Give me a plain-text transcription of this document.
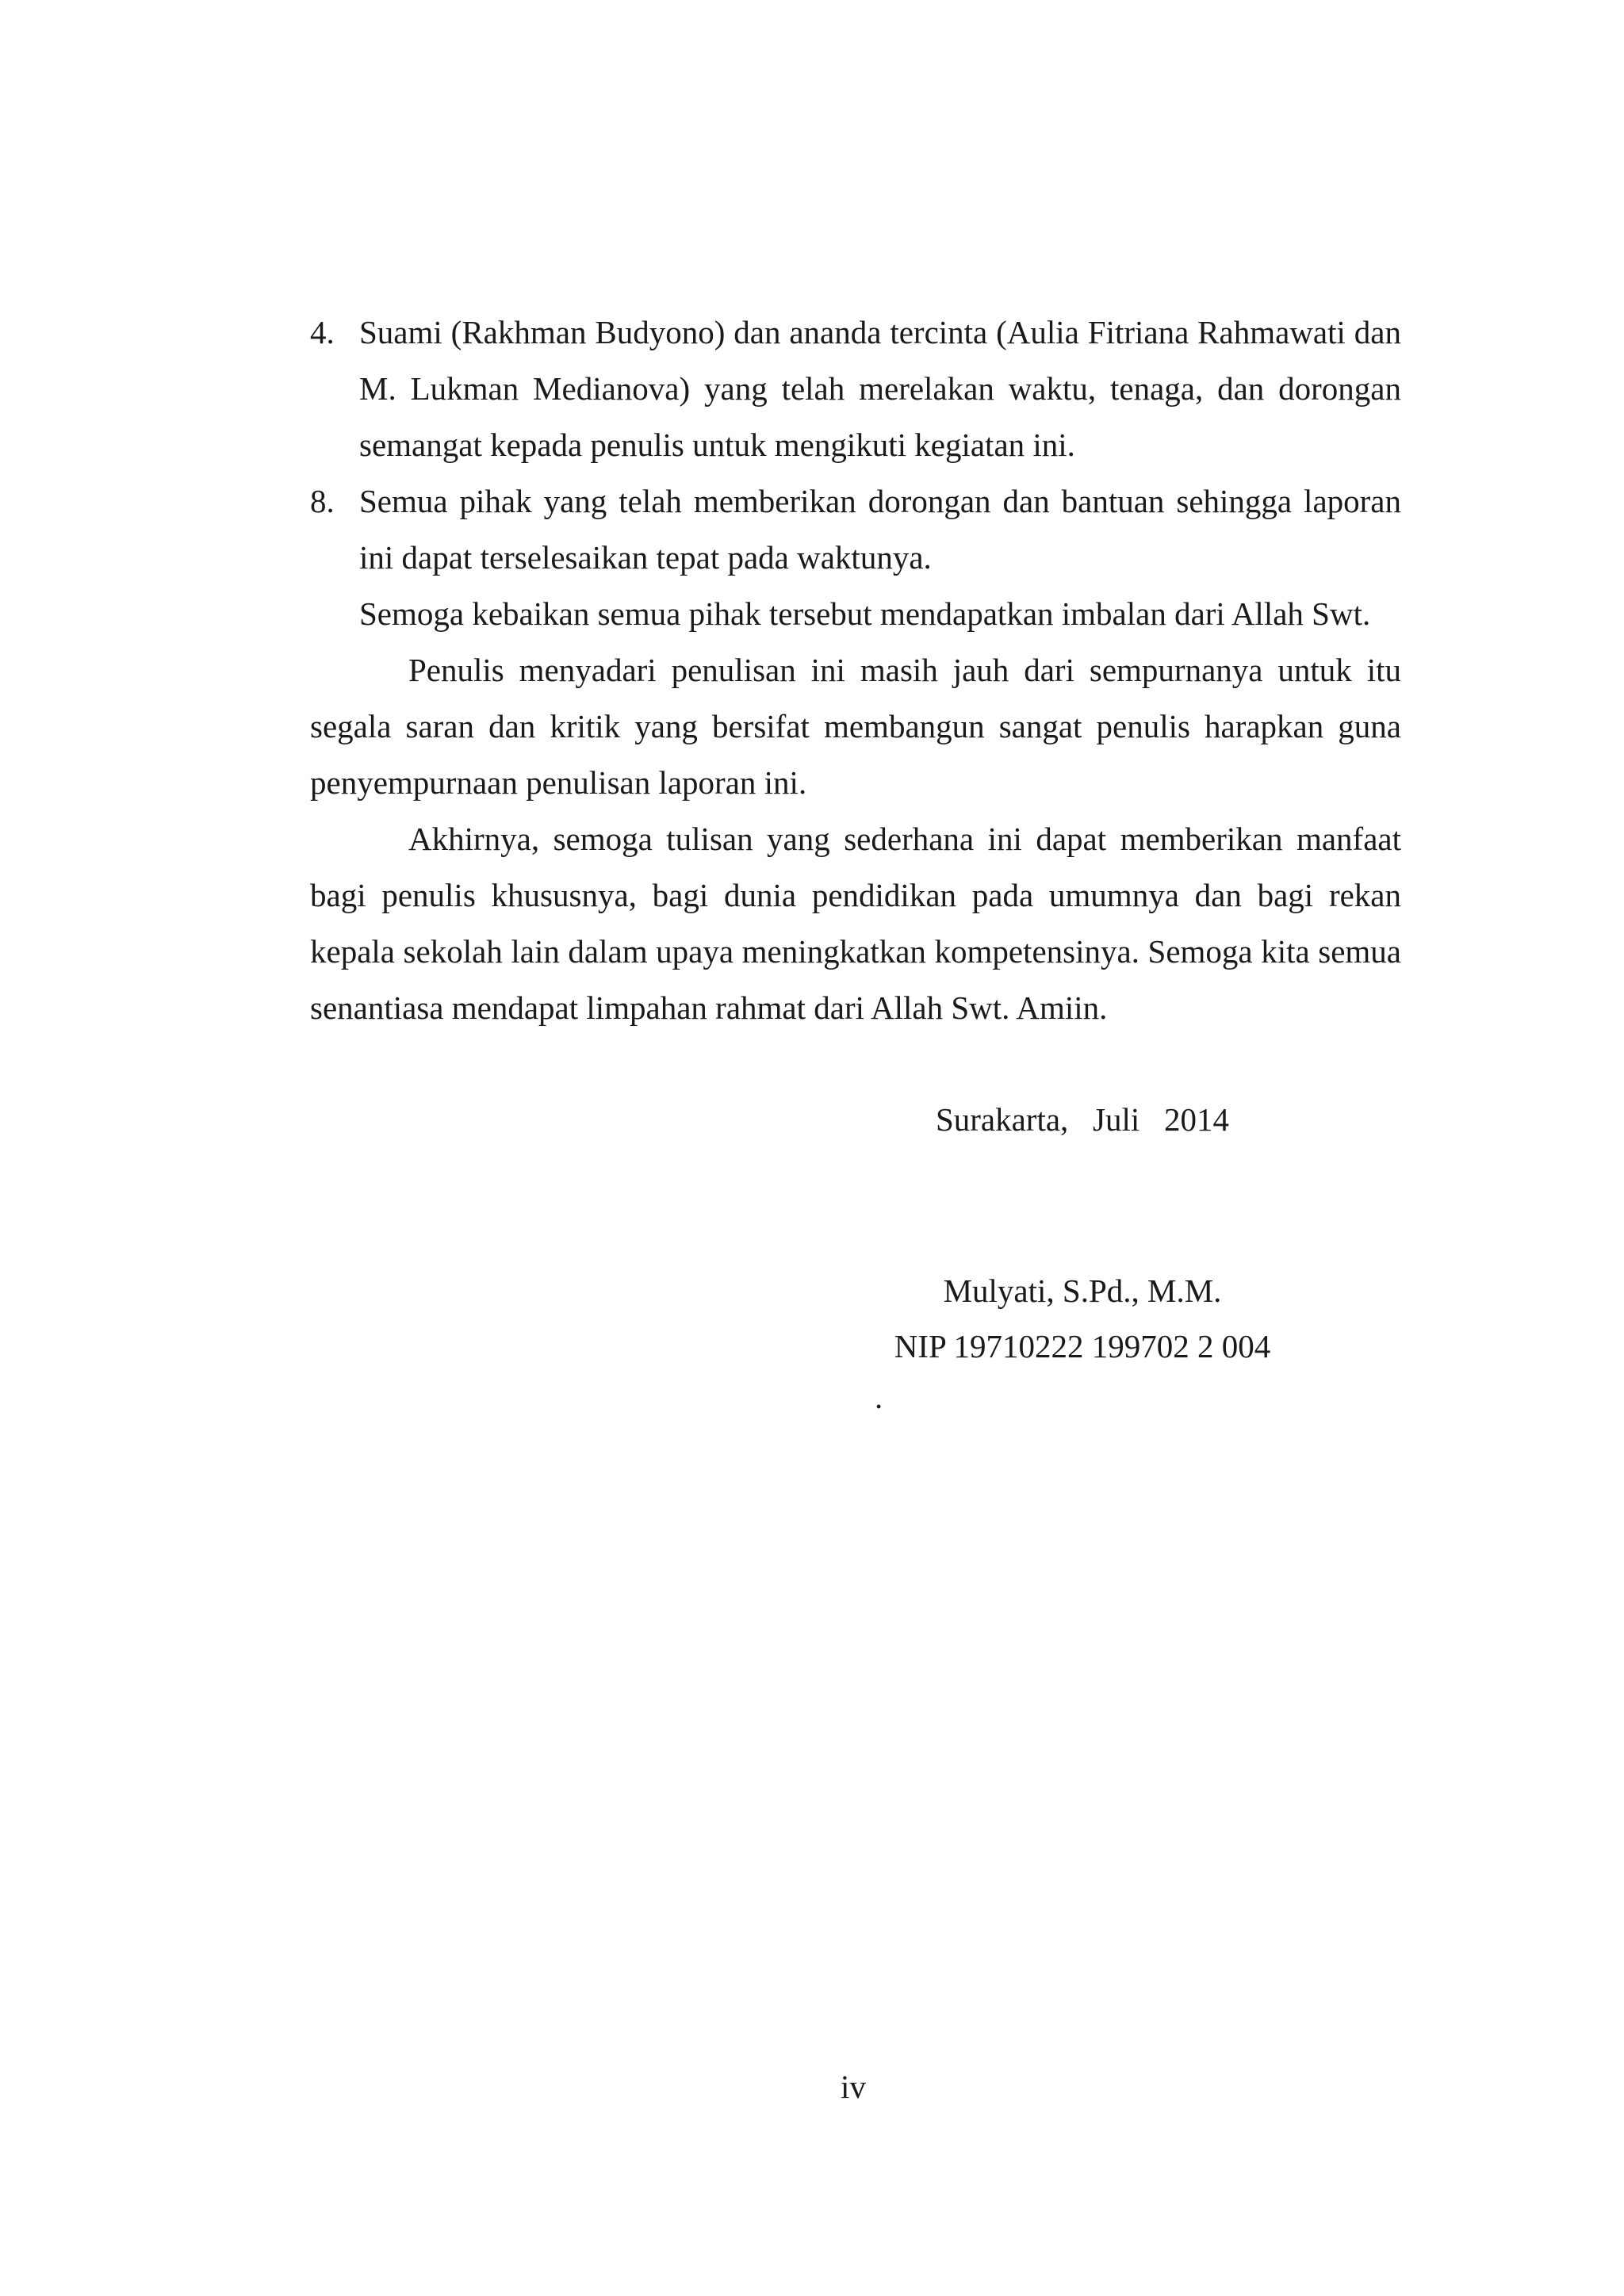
4. Suami (Rakhman Budyono) dan ananda tercinta (Aulia Fitriana Rahmawati dan M. Lukman Medianova) yang telah merelakan waktu, tenaga, dan dorongan semangat kepada penulis untuk mengikuti kegiatan ini.
8. Semua pihak yang telah memberikan dorongan dan bantuan sehingga laporan ini dapat terselesaikan tepat pada waktunya.
Semoga kebaikan semua pihak tersebut mendapatkan imbalan dari Allah Swt.

Penulis menyadari penulisan ini masih jauh dari sempurnanya untuk itu segala saran dan kritik yang bersifat membangun sangat penulis harapkan guna penyempurnaan penulisan laporan ini.

Akhirnya, semoga tulisan yang sederhana ini dapat memberikan manfaat bagi penulis khususnya, bagi dunia pendidikan pada umumnya dan bagi rekan kepala sekolah lain dalam upaya meningkatkan kompetensinya. Semoga kita semua senantiasa mendapat limpahan rahmat dari Allah Swt. Amiin.

Surakarta,   Juli   2014
Mulyati, S.Pd., M.M.
NIP 19710222 199702 2 004
.
iv
